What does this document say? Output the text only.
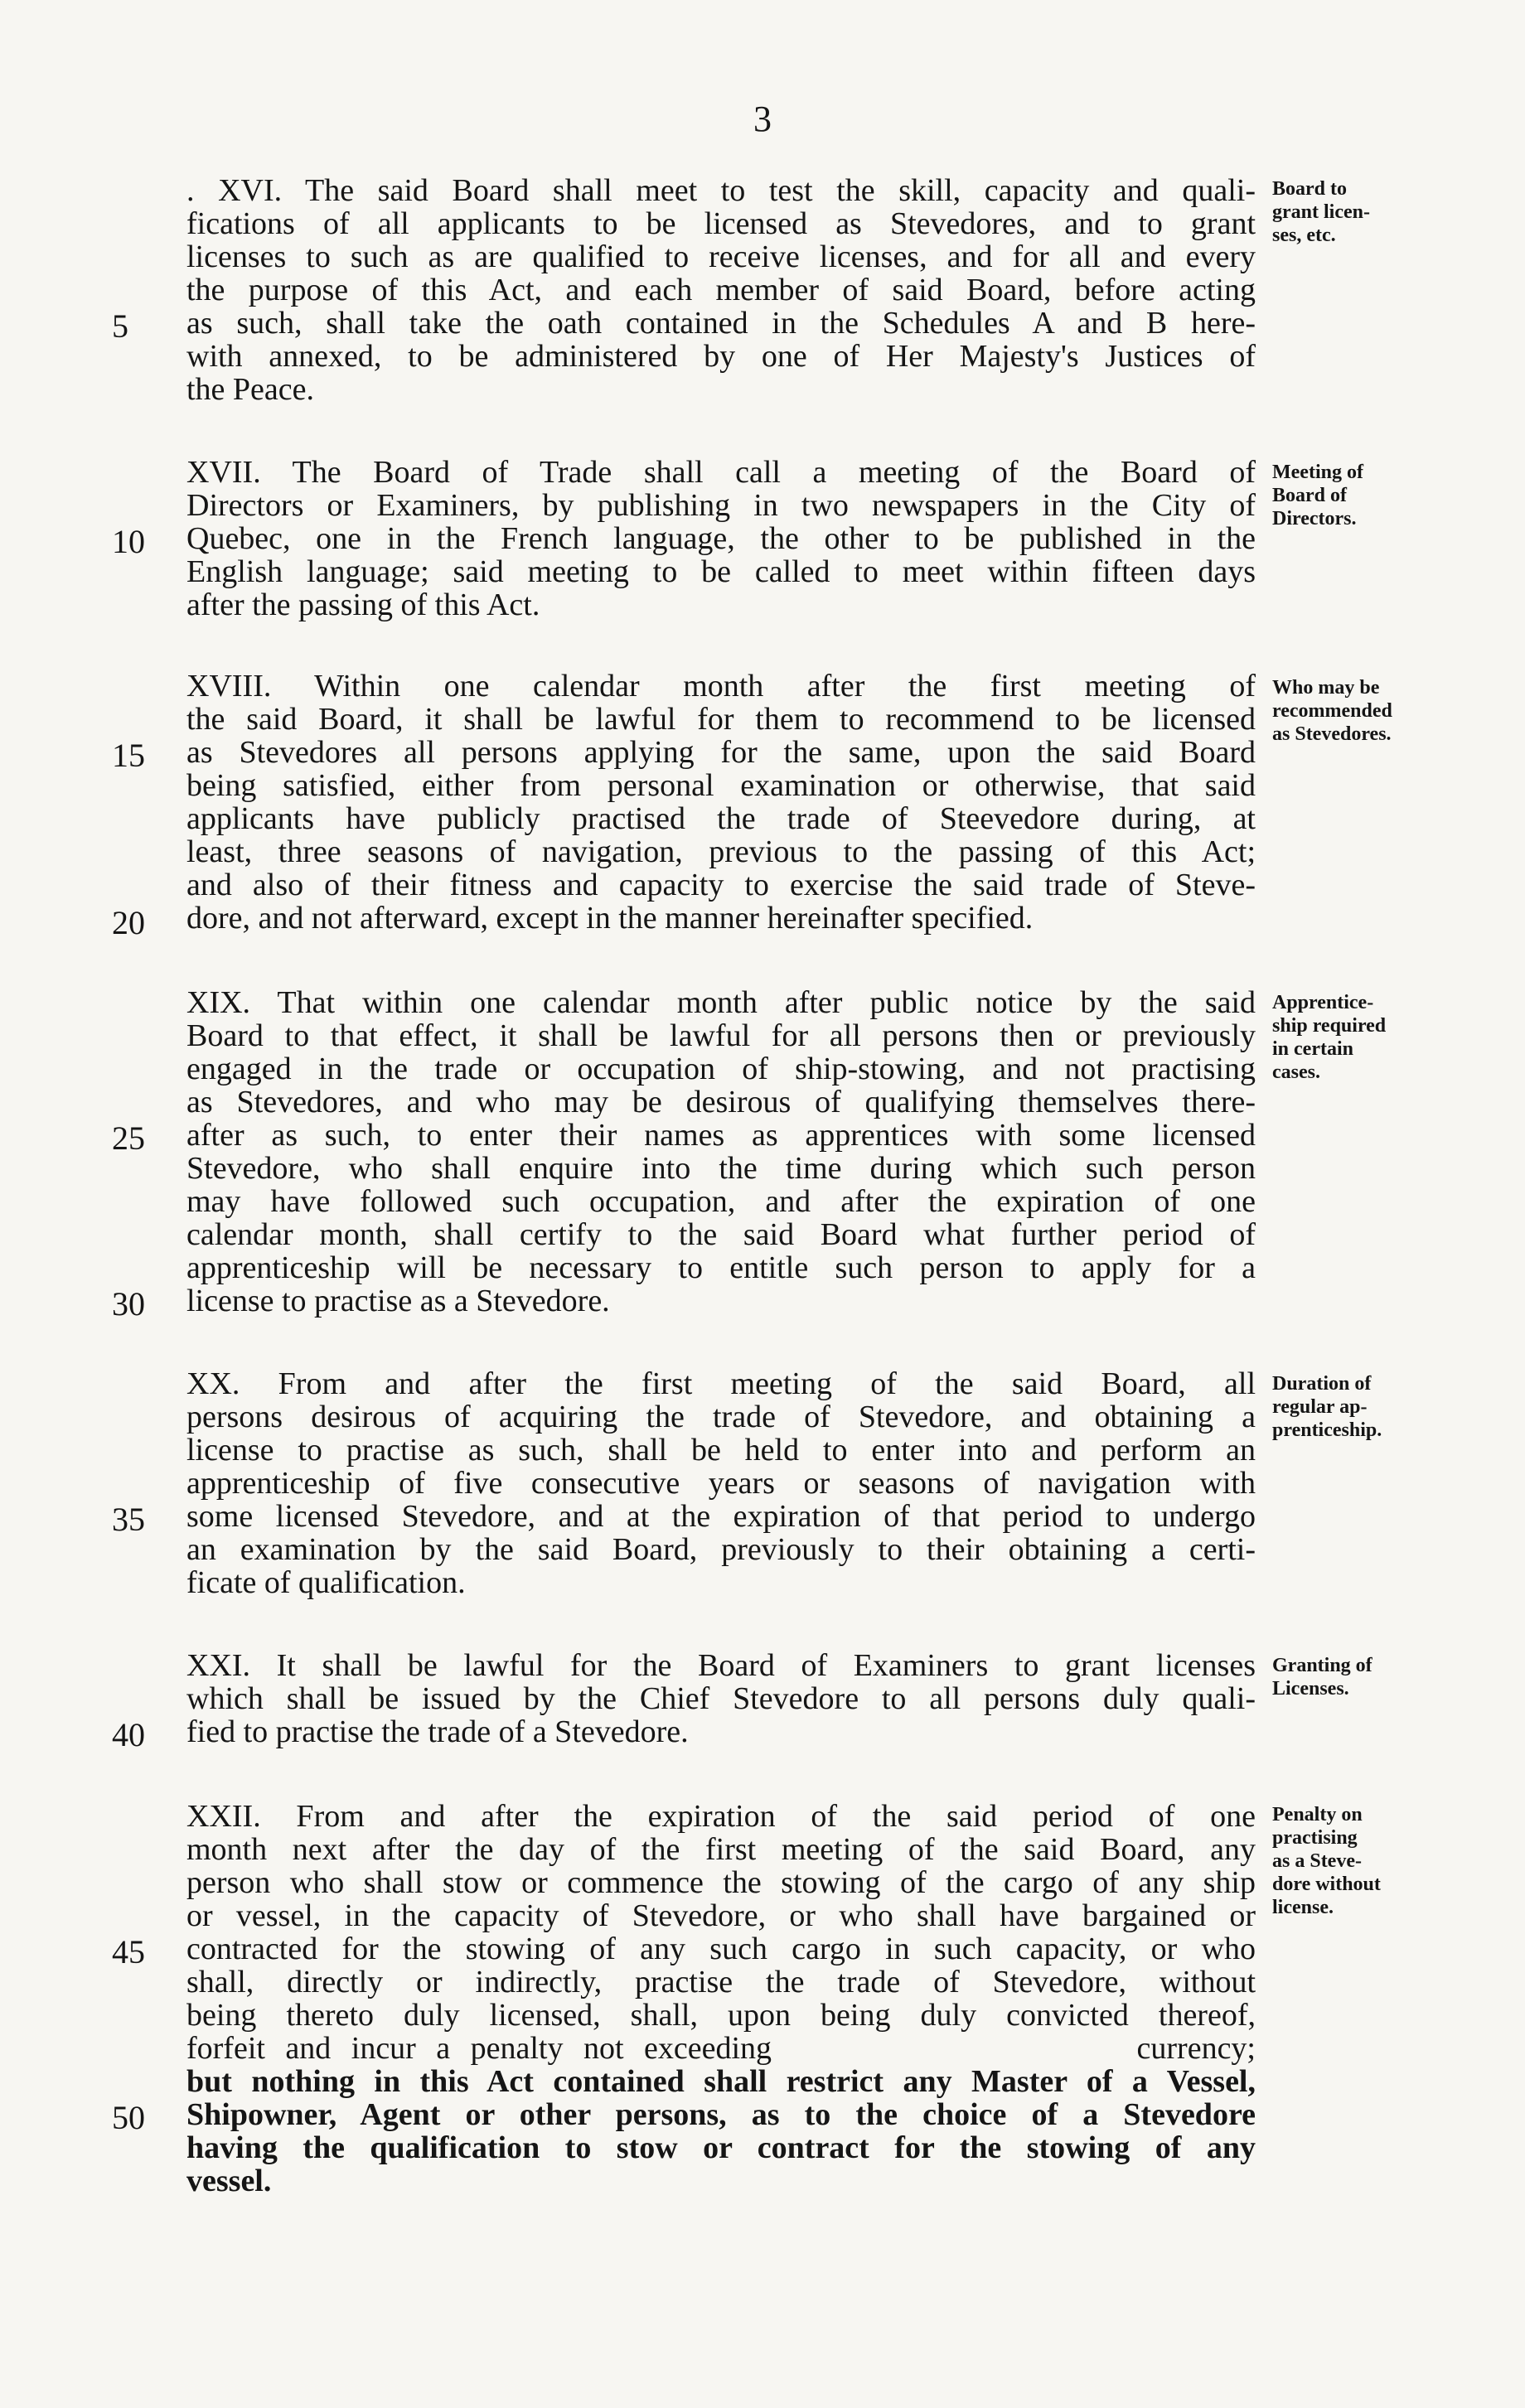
3
. XVI. The said Board shall meet to test the skill, capacity and quali-
fications of all applicants to be licensed as Stevedores, and to grant
licenses to such as are qualified to receive licenses, and for all and every
the purpose of this Act, and each member of said Board, before acting
as such, shall take the oath contained in the Schedules A and B here-
with annexed, to be administered by one of Her Majesty's Justices of
the Peace.
Board to
grant licen-
ses, etc.
XVII. The Board of Trade shall call a meeting of the Board of
Directors or Examiners, by publishing in two newspapers in the City of
Quebec, one in the French language, the other to be published in the
English language; said meeting to be called to meet within fifteen days
after the passing of this Act.
Meeting of
Board of
Directors.
XVIII. Within one calendar month after the first meeting of
the said Board, it shall be lawful for them to recommend to be licensed
as Stevedores all persons applying for the same, upon the said Board
being satisfied, either from personal examination or otherwise, that said
applicants have publicly practised the trade of Steevedore during, at
least, three seasons of navigation, previous to the passing of this Act;
and also of their fitness and capacity to exercise the said trade of Steve-
dore, and not afterward, except in the manner hereinafter specified.
Who may be
recommended
as Stevedores.
XIX. That within one calendar month after public notice by the said
Board to that effect, it shall be lawful for all persons then or previously
engaged in the trade or occupation of ship-stowing, and not practising
as Stevedores, and who may be desirous of qualifying themselves there-
after as such, to enter their names as apprentices with some licensed
Stevedore, who shall enquire into the time during which such person
may have followed such occupation, and after the expiration of one
calendar month, shall certify to the said Board what further period of
apprenticeship will be necessary to entitle such person to apply for a
license to practise as a Stevedore.
Apprentice-
ship required
in certain
cases.
XX. From and after the first meeting of the said Board, all
persons desirous of acquiring the trade of Stevedore, and obtaining a
license to practise as such, shall be held to enter into and perform an
apprenticeship of five consecutive years or seasons of navigation with
some licensed Stevedore, and at the expiration of that period to undergo
an examination by the said Board, previously to their obtaining a certi-
ficate of qualification.
Duration of
regular ap-
prenticeship.
XXI. It shall be lawful for the Board of Examiners to grant licenses
which shall be issued by the Chief Stevedore to all persons duly quali-
fied to practise the trade of a Stevedore.
Granting of
Licenses.
XXII. From and after the expiration of the said period of one
month next after the day of the first meeting of the said Board, any
person who shall stow or commence the stowing of the cargo of any ship
or vessel, in the capacity of Stevedore, or who shall have bargained or
contracted for the stowing of any such cargo in such capacity, or who
shall, directly or indirectly, practise the trade of Stevedore, without
being thereto duly licensed, shall, upon being duly convicted thereof,
forfeit and incur a penalty not exceeding                  currency;
but nothing in this Act contained shall restrict any Master of a Vessel,
Shipowner, Agent or other persons, as to the choice of a Stevedore
having the qualification to stow or contract for the stowing of any
vessel.
Penalty on
practising
as a Steve-
dore without
license.
5
10
15
20
25
30
35
40
45
50
